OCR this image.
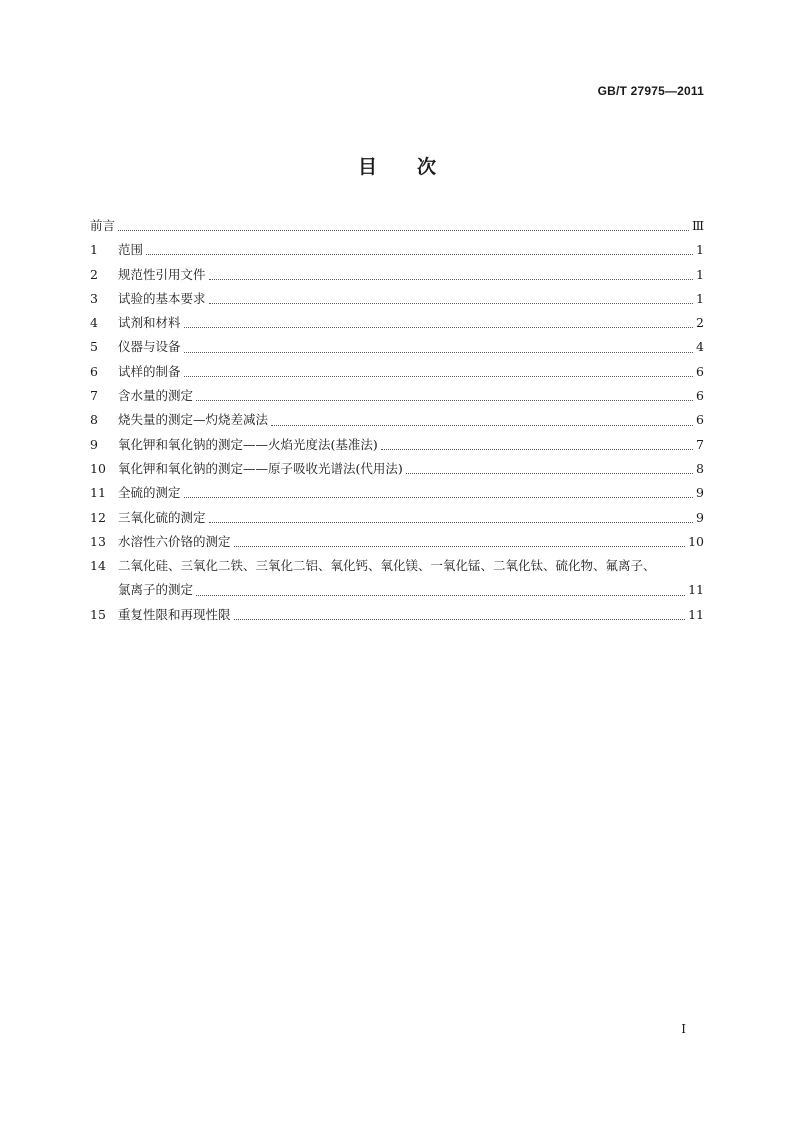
GB/T 27975—2011
目次
前言	Ⅲ
1	范围	1
2	规范性引用文件	1
3	试验的基本要求	1
4	试剂和材料	2
5	仪器与设备	4
6	试样的制备	6
7	含水量的测定	6
8	烧失量的测定—灼烧差减法	6
9	氧化钾和氧化钠的测定——火焰光度法(基准法)	7
10 氧化钾和氧化钠的测定——原子吸收光谱法(代用法)	8
11 全硫的测定	9
12 三氧化硫的测定	9
13 水溶性六价铬的测定	10
14 二氧化硅、三氧化二铁、三氧化二铝、氧化钙、氧化镁、一氧化锰、二氧化钛、硫化物、氟离子、
氯离子的测定	11
15 重复性限和再现性限	11
I
